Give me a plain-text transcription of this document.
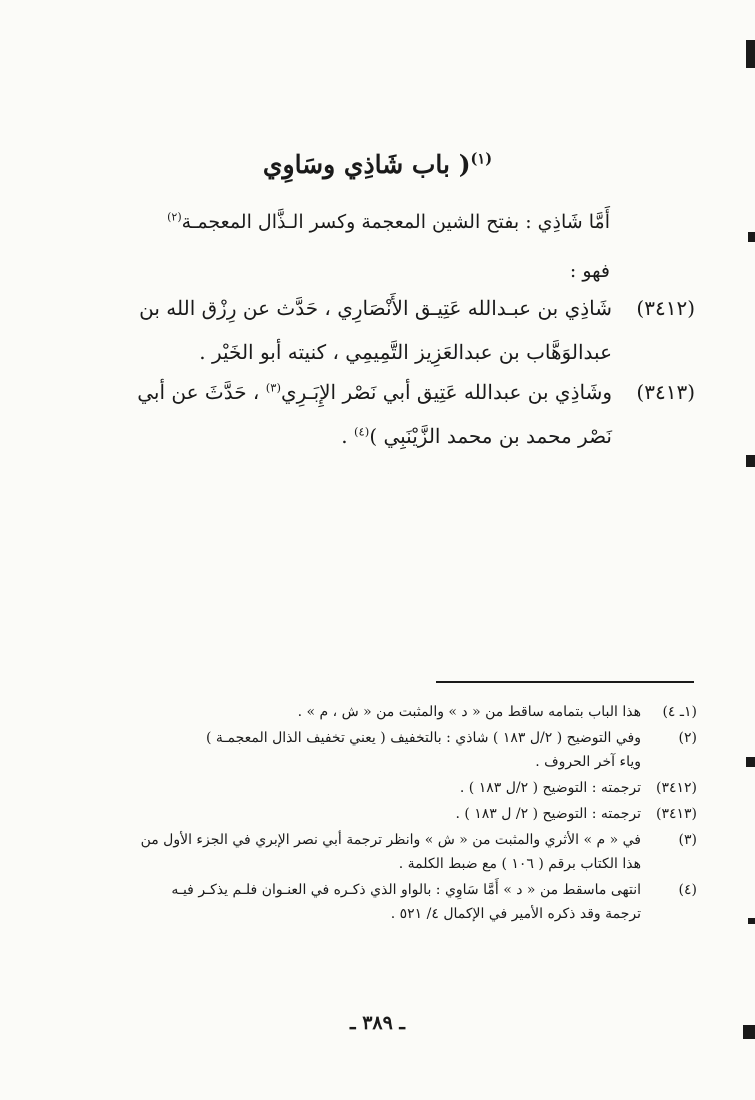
$^{(١)}$( باب شَاذِي وسَاوِي
أَمَّا شَاذِي : بفتح الشين المعجمة وكسر الـذَّال المعجمـة$^{(٢)}$
فهو :
(٣٤١٢)
شَاذِي بن عبـدالله عَتِيـق الأَنْصَارِي ، حَدَّث عن رِزْق الله بن
عبدالوَهَّاب بن عبدالعَزِيز التَّمِيمِي ، كنيته أبو الخَيْر .
(٣٤١٣)
وشَاذِي بن عبدالله عَتِيق أبي نَصْر الإِبَـرِي$^{(٣)}$ ، حَدَّثَ عن أبي
نَصْر محمد بن محمد الزَّيْنَبِي )$^{(٤)}$ .
(١ـ ٤)
هذا الباب بتمامه ساقط من « د » والمثبت من « ش ، م » .
(٢)
وفي التوضيح ( ٢/ل ١٨٣ ) شاذي : بالتخفيف ( يعني تخفيف الذال المعجمـة )
وياء آخر الحروف .
(٣٤١٢)
ترجمته : التوضيح ( ٢/ل ١٨٣ ) .
(٣٤١٣)
ترجمته : التوضيح ( ٢/ ل ١٨٣ ) .
(٣)
في « م » الأثري والمثبت من « ش » وانظر ترجمة أبي نصر الإبري في الجزء الأول من
هذا الكتاب برقم ( ١٠٦ ) مع ضبط الكلمة .
(٤)
انتهى ماسقط من « د » أَمَّا سَاوِي : بالواو الذي ذكـره في العنـوان فلـم يذكـر فيـه
ترجمة وقد ذكره الأمير في الإكمال ٤/ ٥٢١ .
ـ ٣٨٩ ـ
